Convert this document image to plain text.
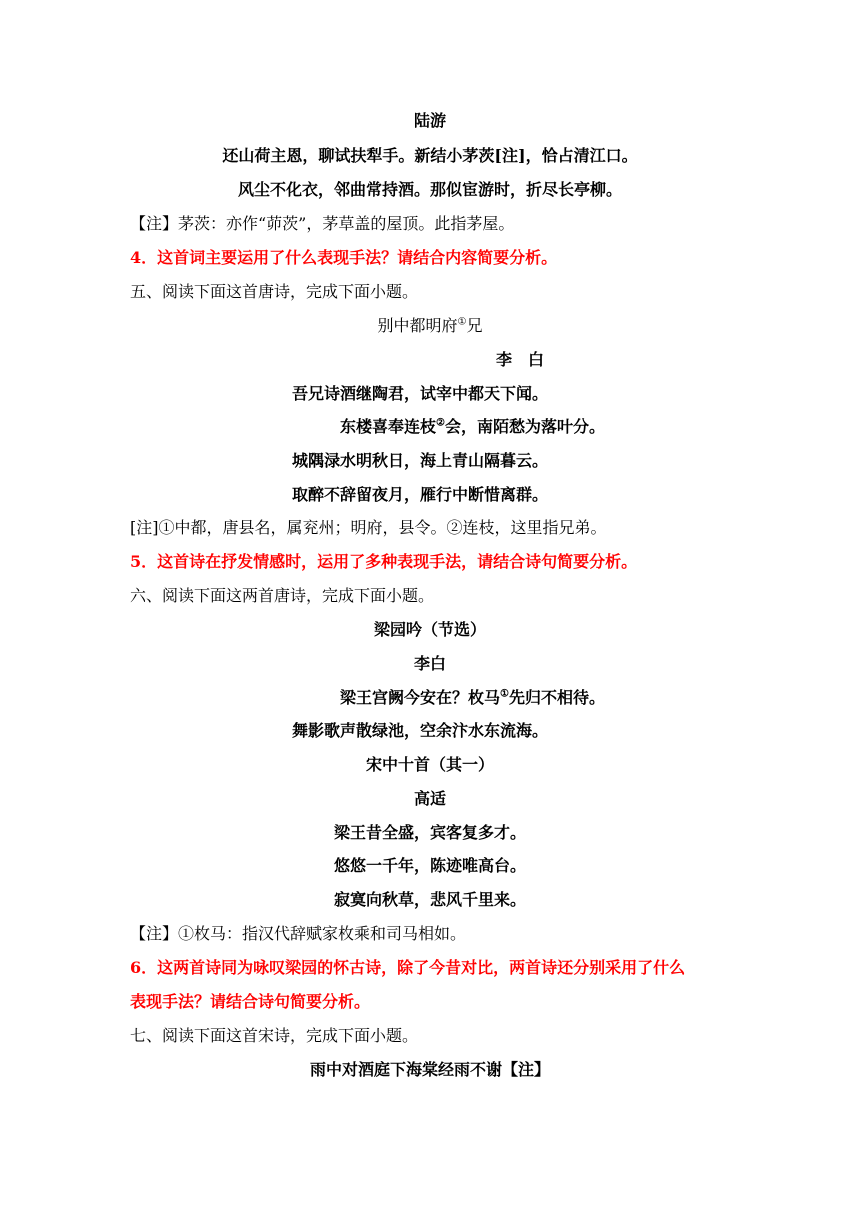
陆游
还山荷主恩，聊试扶犁手。新结小茅茨[注]，恰占清江口。
风尘不化衣，邻曲常持酒。那似宦游时，折尽长亭柳。
【注】茅茨：亦作“茆茨”，茅草盖的屋顶。此指茅屋。
4．这首词主要运用了什么表现手法？请结合内容简要分析。
五、阅读下面这首唐诗，完成下面小题。
别中都明府①兄
李　白
吾兄诗酒继陶君，试宰中都天下闻。
东楼喜奉连枝②会，南陌愁为落叶分。
城隅渌水明秋日，海上青山隔暮云。
取醉不辞留夜月，雁行中断惜离群。
[注]①中都，唐县名，属兖州；明府，县令。②连枝，这里指兄弟。
5．这首诗在抒发情感时，运用了多种表现手法，请结合诗句简要分析。
六、阅读下面这两首唐诗，完成下面小题。
梁园吟（节选）
李白
梁王宫阙今安在？枚马①先归不相待。
舞影歌声散绿池，空余汴水东流海。
宋中十首（其一）
高适
梁王昔全盛，宾客复多才。
悠悠一千年，陈迹唯高台。
寂寞向秋草，悲风千里来。
【注】①枚马：指汉代辞赋家枚乘和司马相如。
6．这两首诗同为咏叹梁园的怀古诗，除了今昔对比，两首诗还分别采用了什么
表现手法？请结合诗句简要分析。
七、阅读下面这首宋诗，完成下面小题。
雨中对酒庭下海棠经雨不谢【注】
